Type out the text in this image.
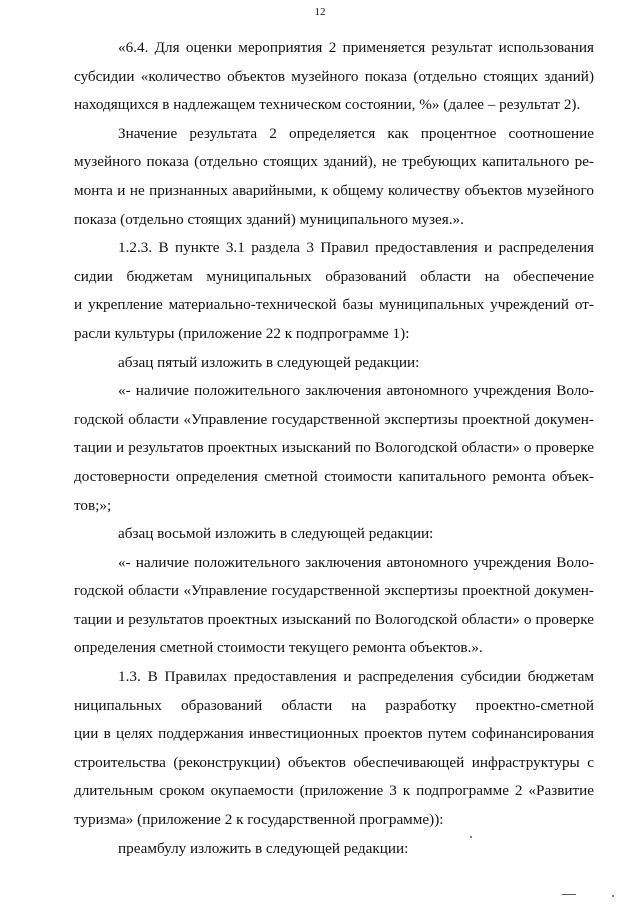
12
«6.4. Для оценки мероприятия 2 применяется результат использования
субсидии «количество объектов музейного показа (отдельно стоящих зданий)
находящихся в надлежащем техническом состоянии, %» (далее – результат 2).
Значение результата 2 определяется как процентное соотношение
музейного показа (отдельно стоящих зданий), не требующих капитального ре-
монта и не признанных аварийными, к общему количеству объектов музейного
показа (отдельно стоящих зданий) муниципального музея.».
1.2.3. В пункте 3.1 раздела 3 Правил предоставления и распределения
сидии бюджетам муниципальных образований области на обеспечение
и укрепление материально-технической базы муниципальных учреждений от-
расли культуры (приложение 22 к подпрограмме 1):
абзац пятый изложить в следующей редакции:
«- наличие положительного заключения автономного учреждения Воло-
годской области «Управление государственной экспертизы проектной докумен-
тации и результатов проектных изысканий по Вологодской области» о проверке
достоверности определения сметной стоимости капитального ремонта объек-
тов;»;
абзац восьмой изложить в следующей редакции:
«- наличие положительного заключения автономного учреждения Воло-
годской области «Управление государственной экспертизы проектной докумен-
тации и результатов проектных изысканий по Вологодской области» о проверке
определения сметной стоимости текущего ремонта объектов.».
1.3. В Правилах предоставления и распределения субсидии бюджетам
ниципальных образований области на разработку проектно-сметной
ции в целях поддержания инвестиционных проектов путем софинансирования
строительства (реконструкции) объектов обеспечивающей инфраструктуры с
длительным сроком окупаемости (приложение 3 к подпрограмме 2 «Развитие
туризма» (приложение 2 к государственной программе)):
преамбулу изложить в следующей редакции:
